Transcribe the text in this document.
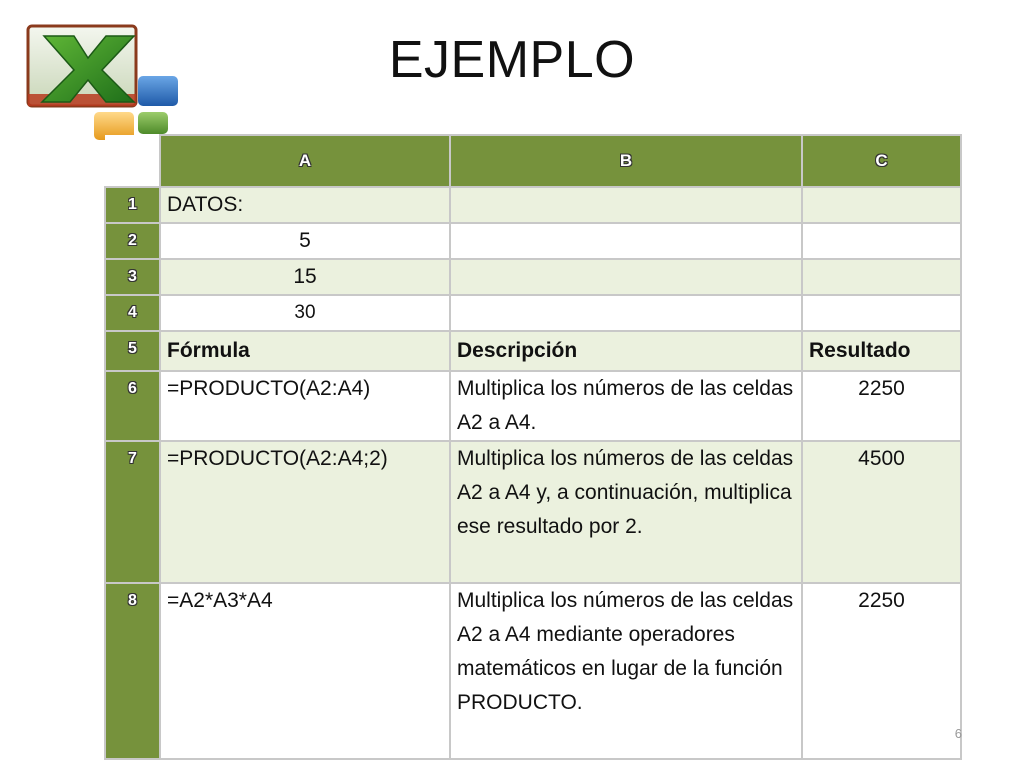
EJEMPLO
	A	B	C
1	DATOS:		
2	5		
3	15		
4	30		
5	Fórmula	Descripción	Resultado
6	=PRODUCTO(A2:A4)	Multiplica los números de las celdas A2 a A4.	2250
7	=PRODUCTO(A2:A4;2)	Multiplica los números de las celdas A2 a A4 y, a continuación, multiplica ese resultado por 2.	4500
8	=A2*A3*A4	Multiplica los números de las celdas A2 a A4 mediante operadores matemáticos en lugar de la función PRODUCTO.	2250
6
